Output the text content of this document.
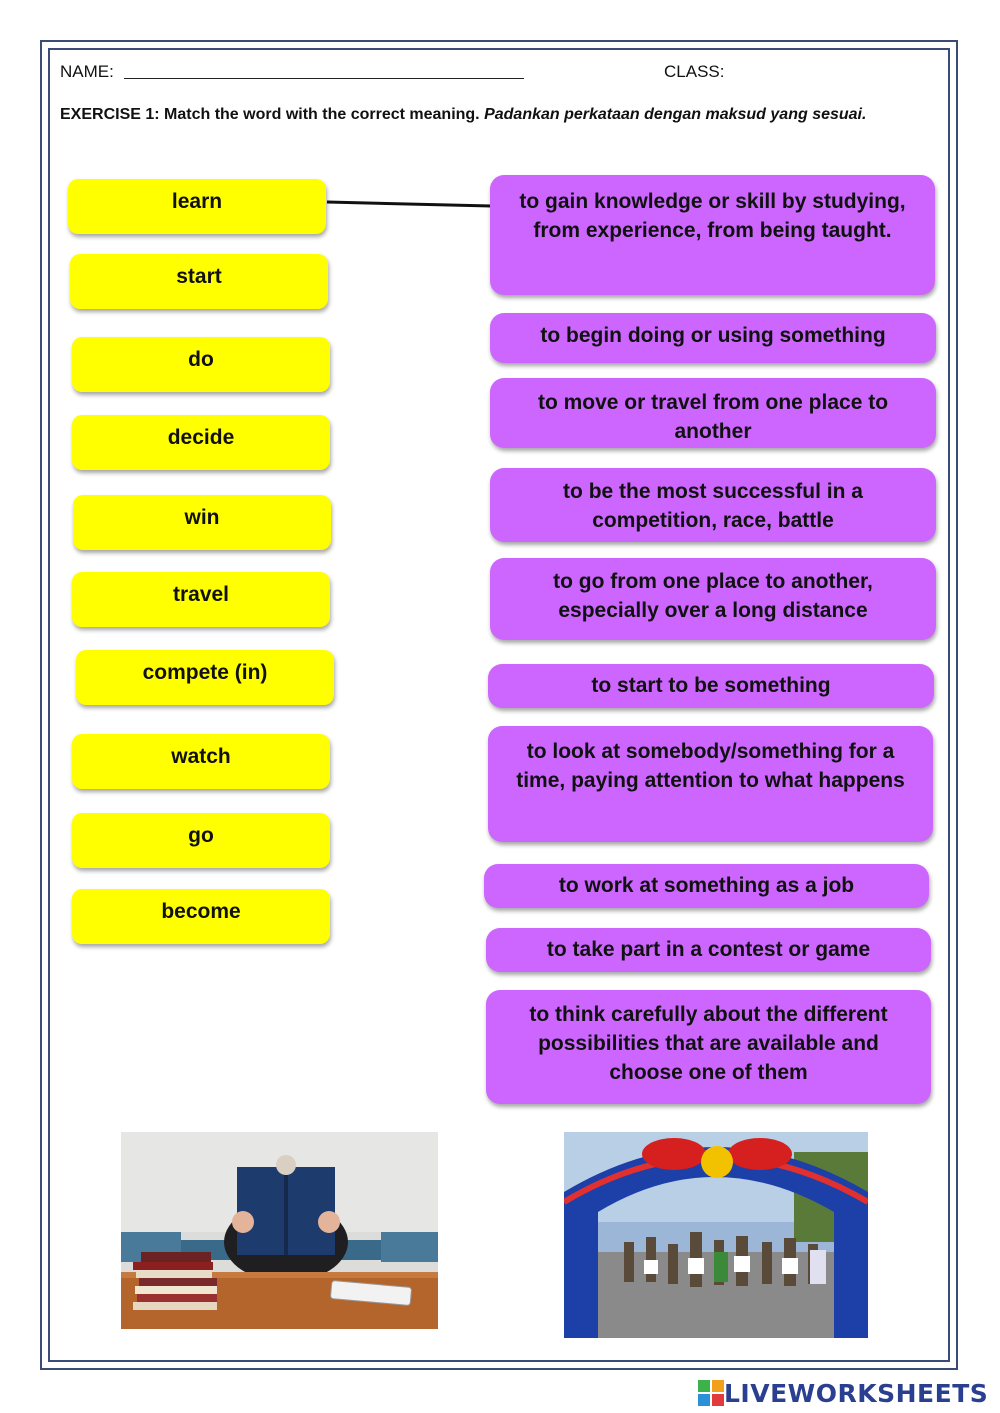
NAME:	CLASS:
EXERCISE 1: Match the word with the correct meaning. Padankan perkataan dengan maksud yang sesuai.
learn
start
do
decide
win
travel
compete (in)
watch
go
become
to gain knowledge or skill by studying, from experience, from being taught.
to begin doing or using something
to move or travel from one place to another
to be the most successful in a competition, race, battle
to go from one place to another, especially over a long distance
to start to be something
to look at somebody/something for a time, paying attention to what happens
to work at something as a job
to take part in a contest or game
to think carefully about the different possibilities that are available and choose one of them
LIVEWORKSHEETS
